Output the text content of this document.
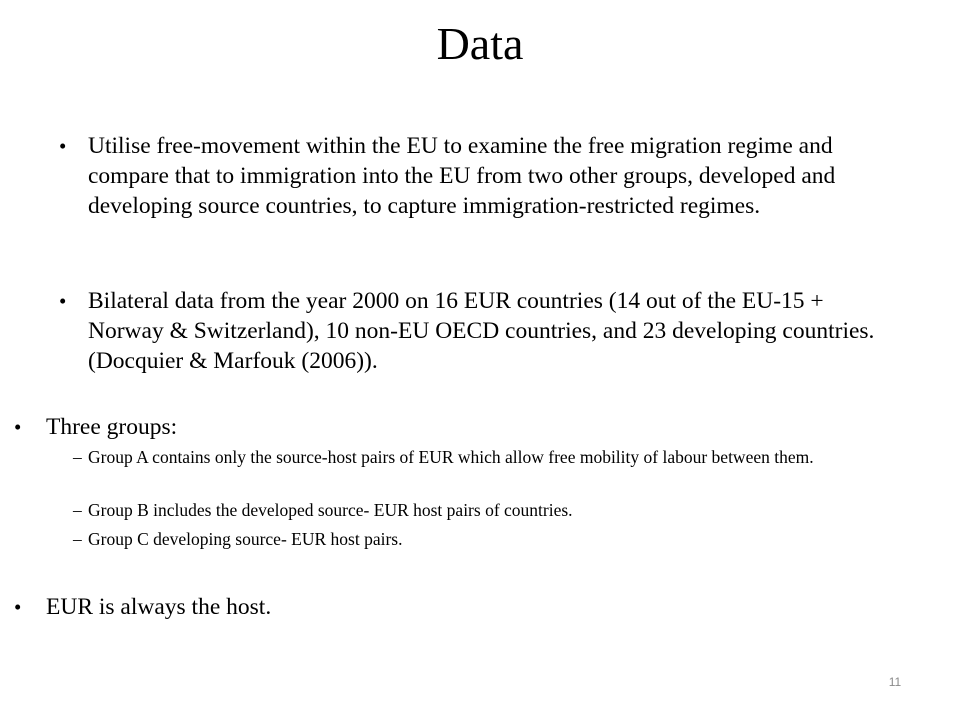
Data
• Utilise free-movement within the EU to examine the free migration regime and compare that to immigration into the EU from two other groups, developed and developing source countries, to capture immigration-restricted regimes.
• Bilateral data from the year 2000 on 16 EUR countries (14 out of the EU-15 + Norway & Switzerland), 10 non-EU OECD countries, and 23 developing countries. (Docquier & Marfouk (2006)).
•	Three groups:
– Group A contains only the source-host pairs of EUR which allow free mobility of labour between them.
– Group B includes the developed source- EUR host pairs of countries.
– Group C developing source- EUR host pairs.
•	EUR is always the host.
11
